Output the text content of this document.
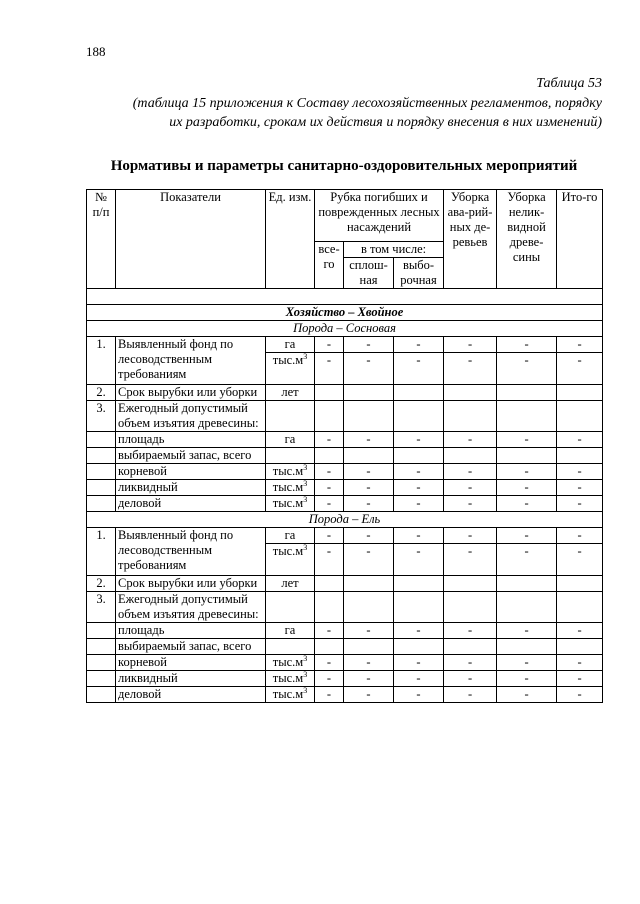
188
Таблица 53
(таблица 15 приложения к Составу лесохозяйственных регламентов, порядку их разработки, срокам их действия и порядку внесения в них изменений)
Нормативы и параметры санитарно-оздоровительных мероприятий
№ п/п	Показатели	Ед. изм.	Рубка погибших и поврежденных лесных насаждений			Уборка ава-рий-ных де-ревьев	Уборка нелик-видной древе-сины	Ито-го
			все-го	в том числе:				
				сплош-ная	выбо-рочная			

Хозяйство – Хвойное								
Порода – Сосновая								
1.	Выявленный фонд по лесоводственным требованиям	га	-	-	-	-	-	-
		$тыс.м^3$	-	-	-	-	-	-
2.	Срок вырубки или уборки	лет						
3.	Ежегодный допустимый объем изъятия древесины:							
	площадь	га	-	-	-	-	-	-
	выбираемый запас, всего							
	корневой	$тыс.м^3$	-	-	-	-	-	-
	ликвидный	$тыс.м^3$	-	-	-	-	-	-
	деловой	$тыс.м^3$	-	-	-	-	-	-
Порода – Ель								
1.	Выявленный фонд по лесоводственным требованиям	га	-	-	-	-	-	-
		$тыс.м^3$	-	-	-	-	-	-
2.	Срок вырубки или уборки	лет						
3.	Ежегодный допустимый объем изъятия древесины:							
	площадь	га	-	-	-	-	-	-
	выбираемый запас, всего							
	корневой	$тыс.м^3$	-	-	-	-	-	-
	ликвидный	$тыс.м^3$	-	-	-	-	-	-
	деловой	$тыс.м^3$	-	-	-	-	-	-
